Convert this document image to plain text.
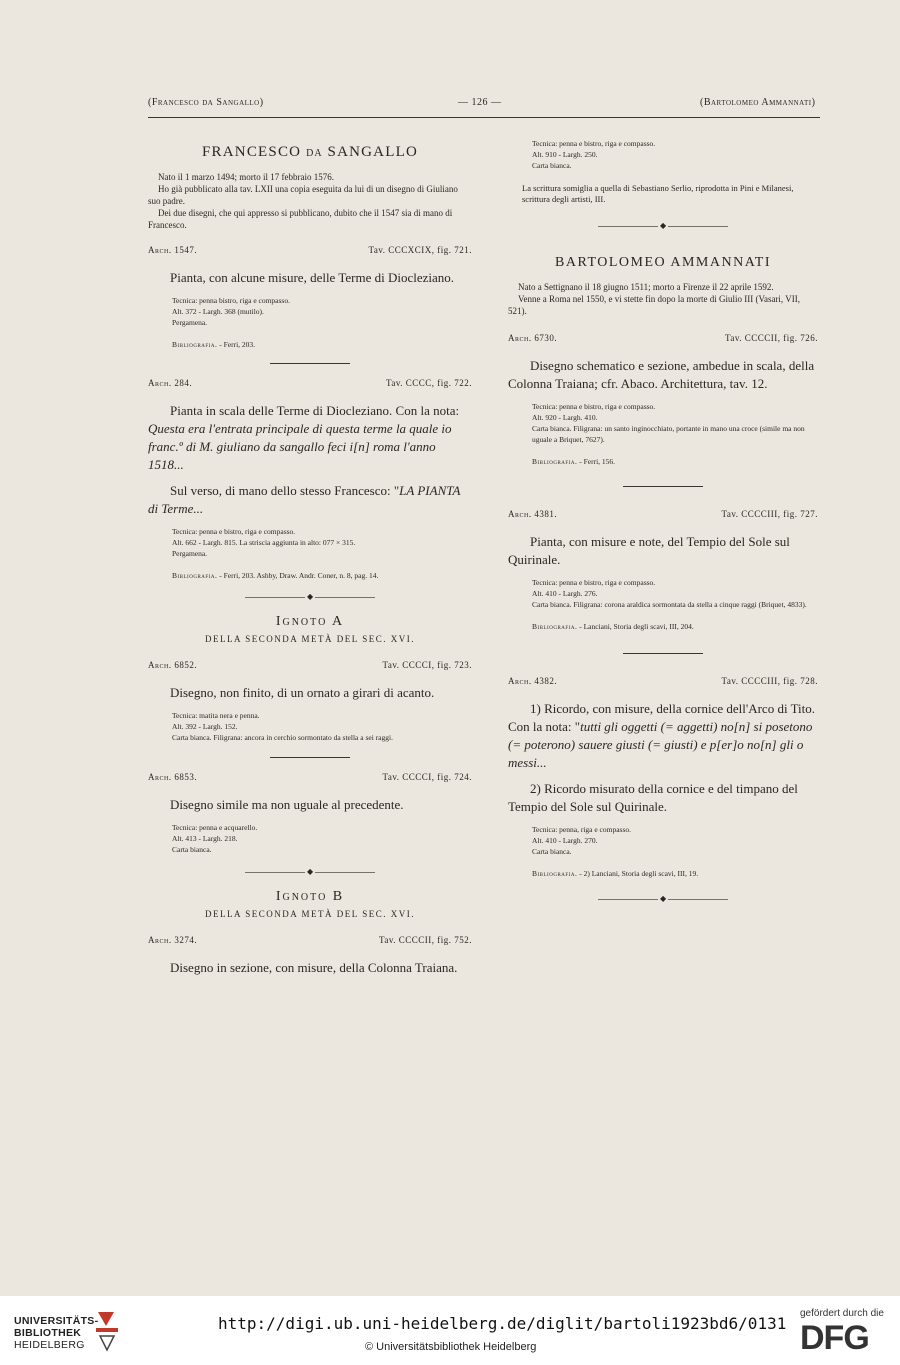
(Francesco da Sangallo)	— 126 —	(Bartolomeo Ammannati)
FRANCESCO DA SANGALLO

Nato il 1 marzo 1494; morto il 17 febbraio 1576.

Ho già pubblicato alla tav. LXII una copia eseguita da lui di un disegno di Giuliano suo padre.

Dei due disegni, che qui appresso si pubblicano, dubito che il 1547 sia di mano di Francesco.

Arch. 1547.	Tav. CCCXCIX, fig. 721.

Pianta, con alcune misure, delle Terme di Diocleziano.

Tecnica: penna bistro, riga e compasso.
Alt. 372 - Largh. 368 (mutilo).
Pergamena.
Bibliografia. - Ferri, 203.
Arch. 284.	Tav. CCCC, fig. 722.

Pianta in scala delle Terme di Diocleziano. Con la nota: Questa era l'entrata principale di questa terme la quale io franc.º di M. giuliano da sangallo feci i[n] roma l'anno 1518...

Sul verso, di mano dello stesso Francesco: "LA PIANTA di Terme...

Tecnica: penna e bistro, riga e compasso.
Alt. 662 - Largh. 815. La striscia aggiunta in alto: 077 × 315.
Pergamena.
Bibliografia. - Ferri, 203. Ashby, Draw. Andr. Coner, n. 8, pag. 14.
◆
Ignoto A
DELLA SECONDA METÀ DEL SEC. XVI.
Arch. 6852.	Tav. CCCCI, fig. 723.

Disegno, non finito, di un ornato a girari di acanto.

Tecnica: matita nera e penna.
Alt. 392 - Largh. 152.
Carta bianca. Filigrana: ancora in cerchio sormontato da stella a sei raggi.
Arch. 6853.	Tav. CCCCI, fig. 724.

Disegno simile ma non uguale al precedente.

Tecnica: penna e acquarello.
Alt. 413 - Largh. 218.
Carta bianca.
◆
Ignoto B
DELLA SECONDA METÀ DEL SEC. XVI.
Arch. 3274.	Tav. CCCCII, fig. 752.

Disegno in sezione, con misure, della Colonna Traiana.

Tecnica: penna e bistro, riga e compasso.
Alt. 910 - Largh. 250.
Carta bianca.

La scrittura somiglia a quella di Sebastiano Serlio, riprodotta in Pini e Milanesi, scrittura degli artisti, III.

◆
BARTOLOMEO AMMANNATI

Nato a Settignano il 18 giugno 1511; morto a Firenze il 22 aprile 1592.

Venne a Roma nel 1550, e vi stette fin dopo la morte di Giulio III (Vasari, VII, 521).

Arch. 6730.	Tav. CCCCII, fig. 726.

Disegno schematico e sezione, ambedue in scala, della Colonna Traiana; cfr. Abaco. Architettura, tav. 12.

Tecnica: penna e bistro, riga e compasso.
Alt. 920 - Largh. 410.
Carta bianca. Filigrana: un santo inginocchiato, portante in mano una croce (simile ma non uguale a Briquet, 7627).
Bibliografia. - Ferri, 156.
Arch. 4381.	Tav. CCCCIII, fig. 727.

Pianta, con misure e note, del Tempio del Sole sul Quirinale.

Tecnica: penna e bistro, riga e compasso.
Alt. 410 - Largh. 276.
Carta bianca. Filigrana: corona araldica sormontata da stella a cinque raggi (Briquet, 4833).
Bibliografia. - Lanciani, Storia degli scavi, III, 204.
Arch. 4382.	Tav. CCCCIII, fig. 728.

1) Ricordo, con misure, della cornice dell'Arco di Tito. Con la nota: "tutti gli oggetti (= aggetti) no[n] si posetono (= poterono) sauere giusti (= giusti) e p[er]o no[n] gli o messi...

2) Ricordo misurato della cornice e del timpano del Tempio del Sole sul Quirinale.

Tecnica: penna, riga e compasso.
Alt. 410 - Largh. 270.
Carta bianca.
Bibliografia. - 2) Lanciani, Storia degli scavi, III, 19.
◆
UNIVERSITÄTS-
BIBLIOTHEK
HEIDELBERG
http://digi.ub.uni-heidelberg.de/diglit/bartoli1923bd6/0131
© Universitätsbibliothek Heidelberg
gefördert durch die
DFG
